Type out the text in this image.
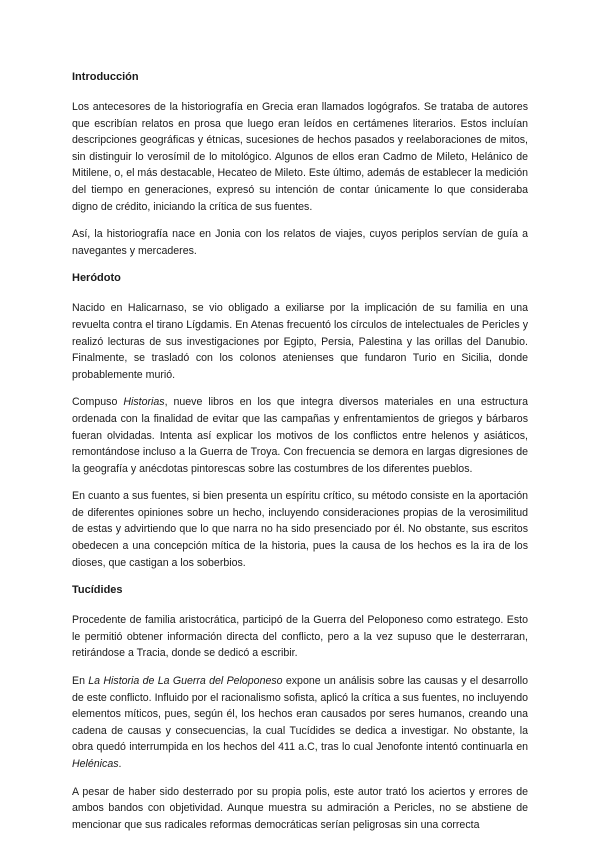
Introducción

Los antecesores de la historiografía en Grecia eran llamados logógrafos. Se trataba de autores que escribían relatos en prosa que luego eran leídos en certámenes literarios. Estos incluían descripciones geográficas y étnicas, sucesiones de hechos pasados y reelaboraciones de mitos, sin distinguir lo verosímil de lo mitológico. Algunos de ellos eran Cadmo de Mileto, Helánico de Mitilene, o, el más destacable, Hecateo de Mileto. Este último, además de establecer la medición del tiempo en generaciones, expresó su intención de contar únicamente lo que consideraba digno de crédito, iniciando la crítica de sus fuentes.

Así, la historiografía nace en Jonia con los relatos de viajes, cuyos periplos servían de guía a navegantes y mercaderes.

Heródoto

Nacido en Halicarnaso, se vio obligado a exiliarse por la implicación de su familia en una revuelta contra el tirano Lígdamis. En Atenas frecuentó los círculos de intelectuales de Pericles y realizó lecturas de sus investigaciones por Egipto, Persia, Palestina y las orillas del Danubio. Finalmente, se trasladó con los colonos atenienses que fundaron Turio en Sicilia, donde probablemente murió.

Compuso Historias, nueve libros en los que integra diversos materiales en una estructura ordenada con la finalidad de evitar que las campañas y enfrentamientos de griegos y bárbaros fueran olvidadas. Intenta así explicar los motivos de los conflictos entre helenos y asiáticos, remontándose incluso a la Guerra de Troya. Con frecuencia se demora en largas digresiones de la geografía y anécdotas pintorescas sobre las costumbres de los diferentes pueblos.

En cuanto a sus fuentes, si bien presenta un espíritu crítico, su método consiste en la aportación de diferentes opiniones sobre un hecho, incluyendo consideraciones propias de la verosimilitud de estas y advirtiendo que lo que narra no ha sido presenciado por él. No obstante, sus escritos obedecen a una concepción mítica de la historia, pues la causa de los hechos es la ira de los dioses, que castigan a los soberbios.

Tucídides

Procedente de familia aristocrática, participó de la Guerra del Peloponeso como estratego. Esto le permitió obtener información directa del conflicto, pero a la vez supuso que le desterraran, retirándose a Tracia, donde se dedicó a escribir.

En La Historia de La Guerra del Peloponeso expone un análisis sobre las causas y el desarrollo de este conflicto. Influido por el racionalismo sofista, aplicó la crítica a sus fuentes, no incluyendo elementos míticos, pues, según él, los hechos eran causados por seres humanos, creando una cadena de causas y consecuencias, la cual Tucídides se dedica a investigar. No obstante, la obra quedó interrumpida en los hechos del 411 a.C, tras lo cual Jenofonte intentó continuarla en Helénicas.

A pesar de haber sido desterrado por su propia polis, este autor trató los aciertos y errores de ambos bandos con objetividad. Aunque muestra su admiración a Pericles, no se abstiene de mencionar que sus radicales reformas democráticas serían peligrosas sin una correcta
